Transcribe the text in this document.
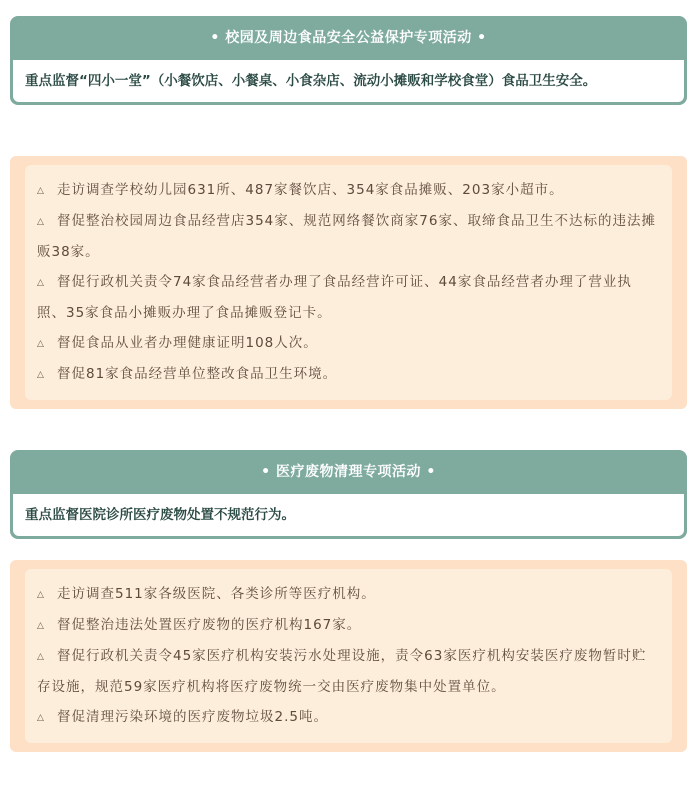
• 校园及周边食品安全公益保护专项活动 •
重点监督“四小一堂”（小餐饮店、小餐桌、小食杂店、流动小摊贩和学校食堂）食品卫生安全。
△ 走访调查学校幼儿园631所、487家餐饮店、354家食品摊贩、203家小超市。
△ 督促整治校园周边食品经营店354家、规范网络餐饮商家76家、取缔食品卫生不达标的违法摊贩38家。
△ 督促行政机关责令74家食品经营者办理了食品经营许可证、44家食品经营者办理了营业执照、35家食品小摊贩办理了食品摊贩登记卡。
△ 督促食品从业者办理健康证明108人次。
△ 督促81家食品经营单位整改食品卫生环境。
• 医疗废物清理专项活动 •
重点监督医院诊所医疗废物处置不规范行为。
△ 走访调查511家各级医院、各类诊所等医疗机构。
△ 督促整治违法处置医疗废物的医疗机构167家。
△ 督促行政机关责令45家医疗机构安装污水处理设施，责令63家医疗机构安装医疗废物暂时贮存设施，规范59家医疗机构将医疗废物统一交由医疗废物集中处置单位。
△ 督促清理污染环境的医疗废物垃圾2.5吨。
